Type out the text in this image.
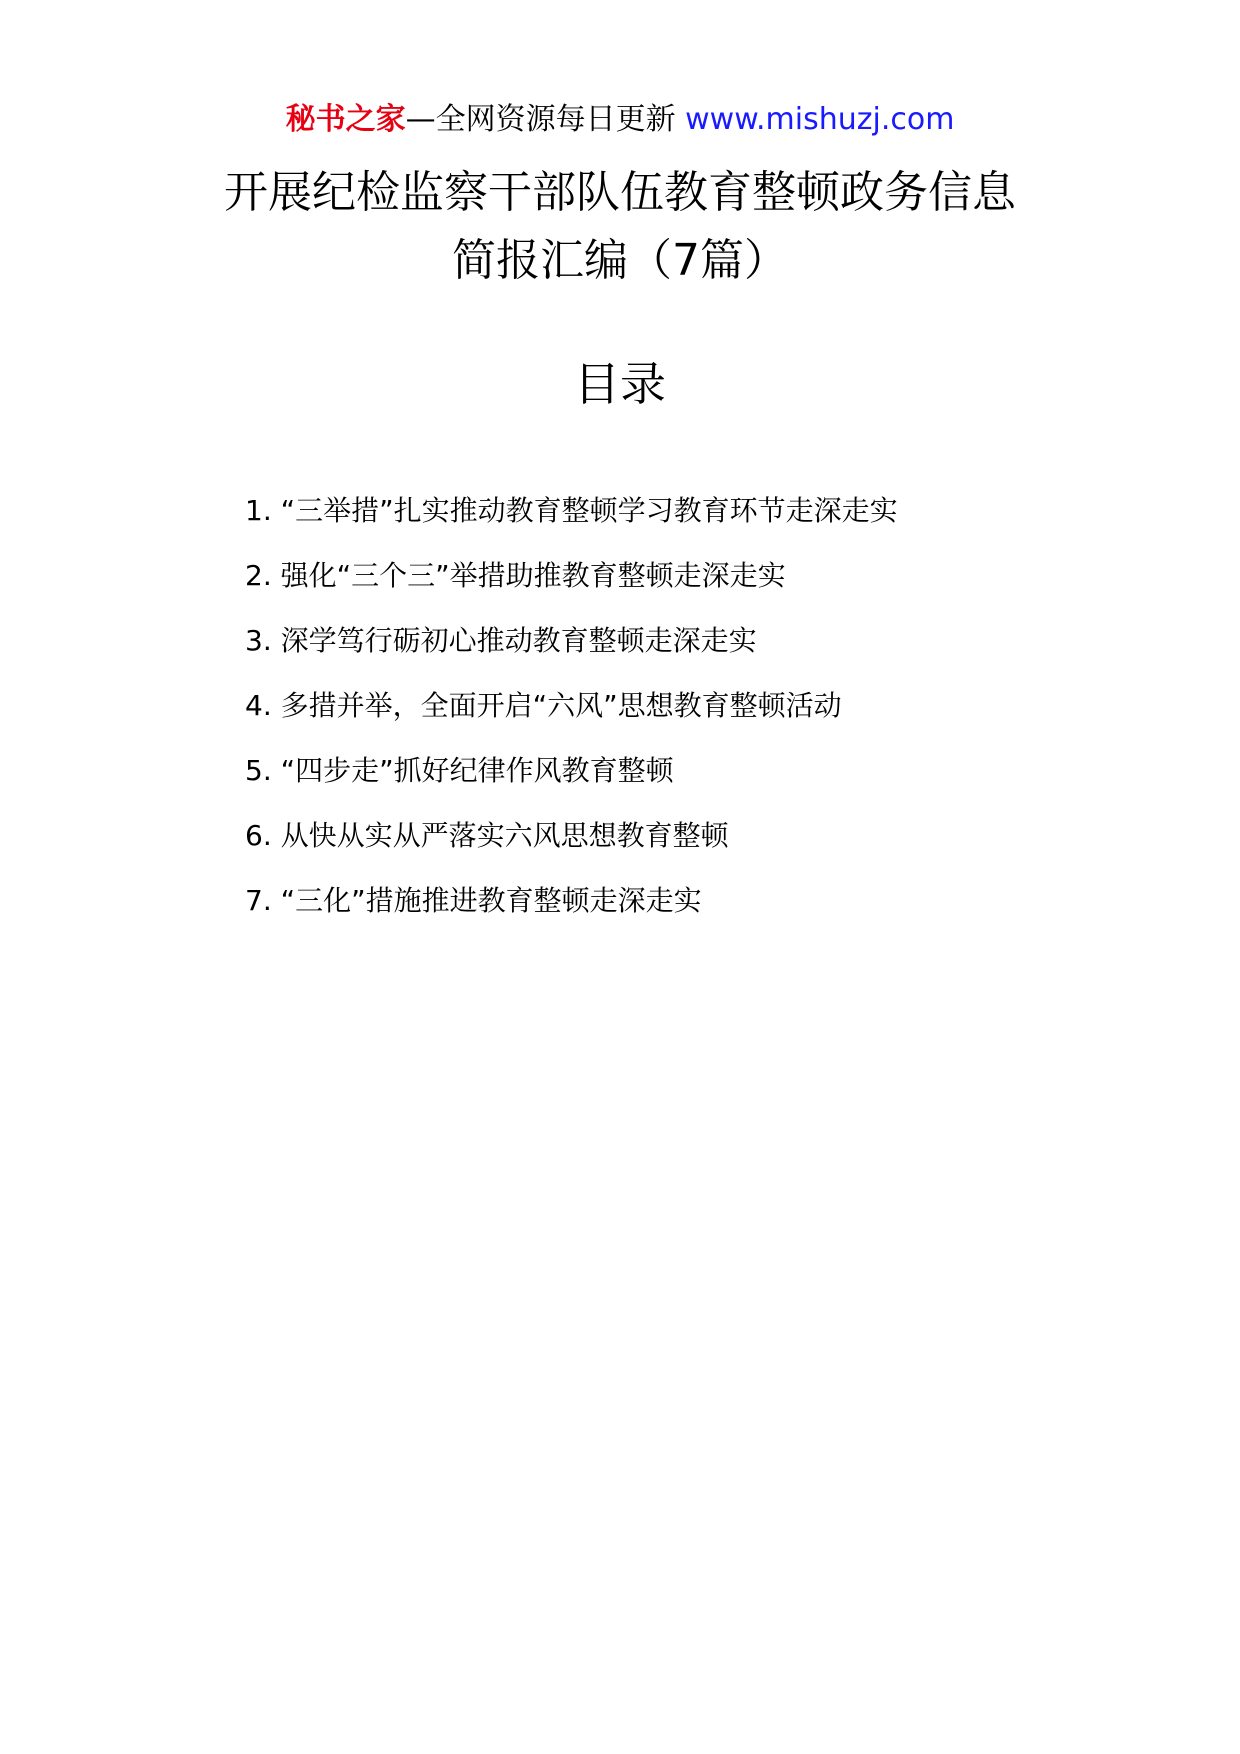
秘书之家—全网资源每日更新 www.mishuzj.com
开展纪检监察干部队伍教育整顿政务信息
简报汇编（7篇）
目录
1. “三举措”扎实推动教育整顿学习教育环节走深走实
2. 强化“三个三”举措助推教育整顿走深走实
3. 深学笃行砺初心推动教育整顿走深走实
4. 多措并举，全面开启“六风”思想教育整顿活动
5. “四步走”抓好纪律作风教育整顿
6. 从快从实从严落实六风思想教育整顿
7. “三化”措施推进教育整顿走深走实
